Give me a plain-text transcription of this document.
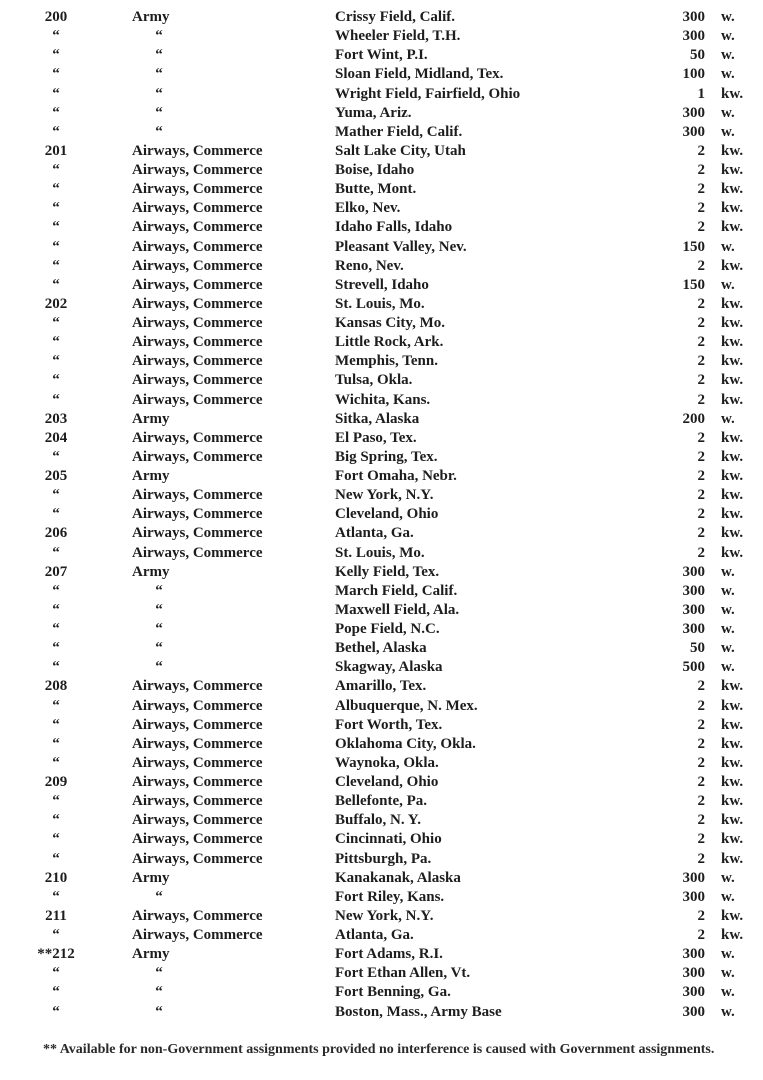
200	Army	Crissy Field, Calif.	300 w.
“	“	Wheeler Field, T.H.	300 w.
“	“	Fort Wint, P.I.	50 w.
“	“	Sloan Field, Midland, Tex.	100 w.
“	“	Wright Field, Fairfield, Ohio	1 kw.
“	“	Yuma, Ariz.	300 w.
“	“	Mather Field, Calif.	300 w.
201	Airways, Commerce	Salt Lake City, Utah	2 kw.
“	Airways, Commerce	Boise, Idaho	2 kw.
“	Airways, Commerce	Butte, Mont.	2 kw.
“	Airways, Commerce	Elko, Nev.	2 kw.
“	Airways, Commerce	Idaho Falls, Idaho	2 kw.
“	Airways, Commerce	Pleasant Valley, Nev.	150 w.
“	Airways, Commerce	Reno, Nev.	2 kw.
“	Airways, Commerce	Strevell, Idaho	150 w.
202	Airways, Commerce	St. Louis, Mo.	2 kw.
“	Airways, Commerce	Kansas City, Mo.	2 kw.
“	Airways, Commerce	Little Rock, Ark.	2 kw.
“	Airways, Commerce	Memphis, Tenn.	2 kw.
“	Airways, Commerce	Tulsa, Okla.	2 kw.
“	Airways, Commerce	Wichita, Kans.	2 kw.
203	Army	Sitka, Alaska	200 w.
204	Airways, Commerce	El Paso, Tex.	2 kw.
“	Airways, Commerce	Big Spring, Tex.	2 kw.
205	Army	Fort Omaha, Nebr.	2 kw.
“	Airways, Commerce	New York, N.Y.	2 kw.
“	Airways, Commerce	Cleveland, Ohio	2 kw.
206	Airways, Commerce	Atlanta, Ga.	2 kw.
“	Airways, Commerce	St. Louis, Mo.	2 kw.
207	Army	Kelly Field, Tex.	300 w.
“	“	March Field, Calif.	300 w.
“	“	Maxwell Field, Ala.	300 w.
“	“	Pope Field, N.C.	300 w.
“	“	Bethel, Alaska	50 w.
“	“	Skagway, Alaska	500 w.
208	Airways, Commerce	Amarillo, Tex.	2 kw.
“	Airways, Commerce	Albuquerque, N. Mex.	2 kw.
“	Airways, Commerce	Fort Worth, Tex.	2 kw.
“	Airways, Commerce	Oklahoma City, Okla.	2 kw.
“	Airways, Commerce	Waynoka, Okla.	2 kw.
209	Airways, Commerce	Cleveland, Ohio	2 kw.
“	Airways, Commerce	Bellefonte, Pa.	2 kw.
“	Airways, Commerce	Buffalo, N. Y.	2 kw.
“	Airways, Commerce	Cincinnati, Ohio	2 kw.
“	Airways, Commerce	Pittsburgh, Pa.	2 kw.
210	Army	Kanakanak, Alaska	300 w.
“	“	Fort Riley, Kans.	300 w.
211	Airways, Commerce	New York, N.Y.	2 kw.
“	Airways, Commerce	Atlanta, Ga.	2 kw.
**212	Army	Fort Adams, R.I.	300 w.
“	“	Fort Ethan Allen, Vt.	300 w.
“	“	Fort Benning, Ga.	300 w.
“	“	Boston, Mass., Army Base	300 w.
** Available for non-Government assignments provided no interference is caused with Government assignments.
